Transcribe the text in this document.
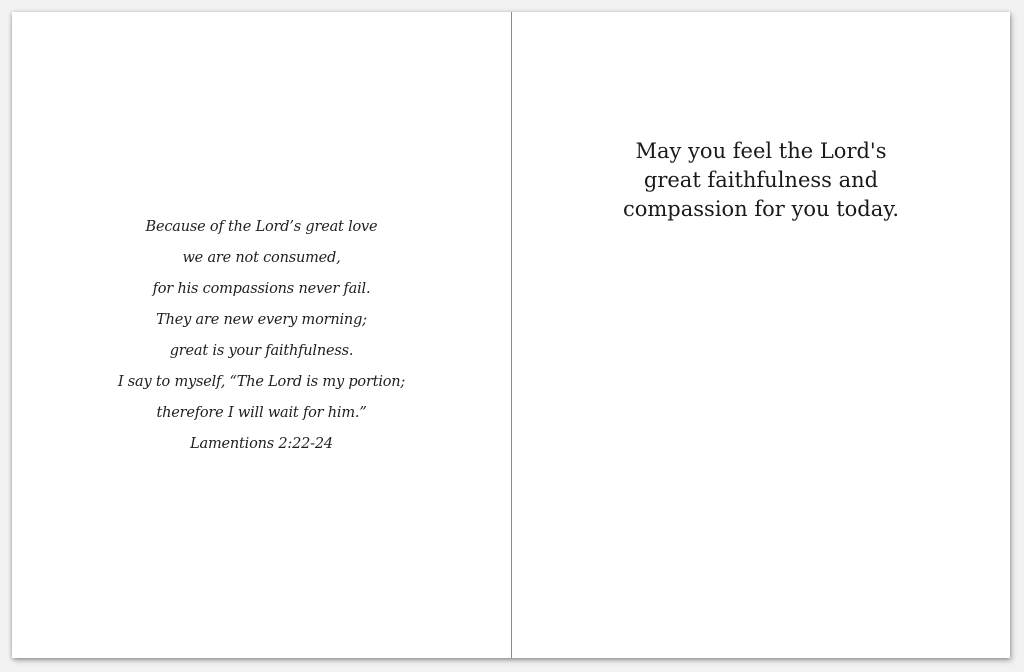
Because of the Lord’s great love
we are not consumed,
for his compassions never fail.
They are new every morning;
great is your faithfulness.
I say to myself, “The Lord is my portion;
therefore I will wait for him.”
Lamentions 2:22-24
May you feel the Lord's
great faithfulness and
compassion for you today.
